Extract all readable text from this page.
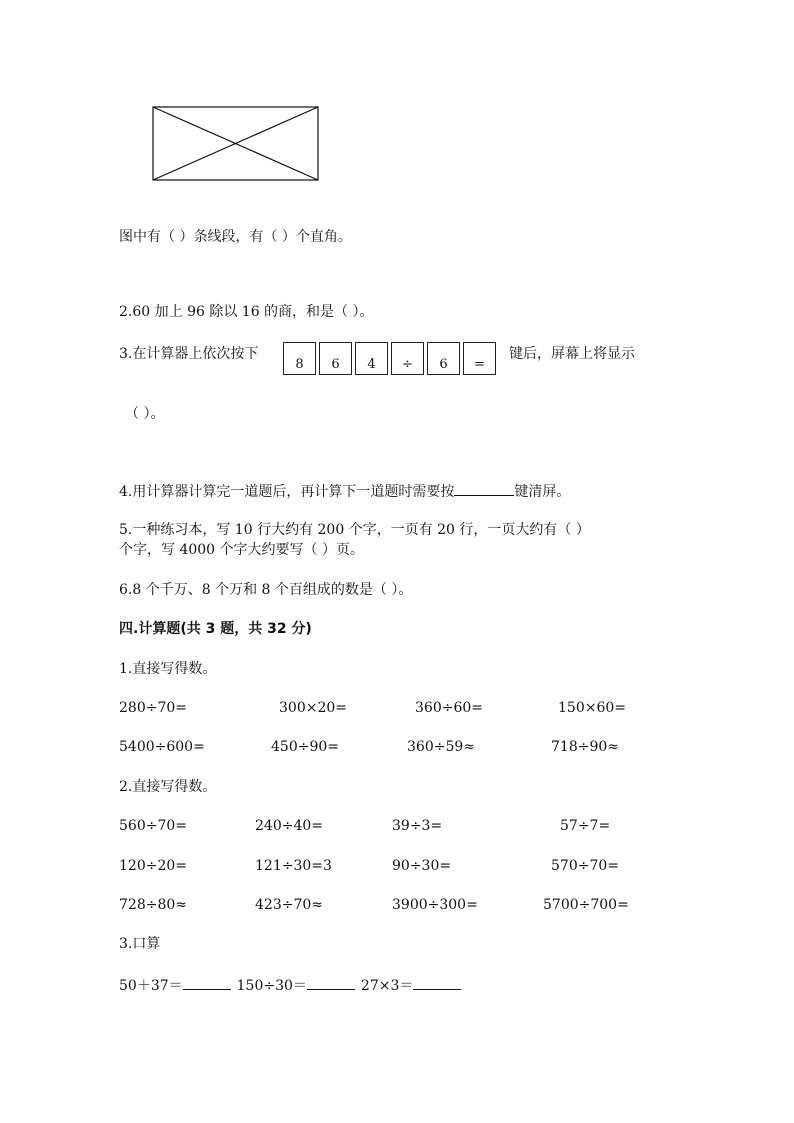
图中有（ ）条线段，有（ ）个直角。
2.60 加上 96 除以 16 的商，和是（ ）。
3.在计算器上依次按下
8	6	4	÷	6	=
键后，屏幕上将显示
（ ）。
4.用计算器计算完一道题后，再计算下一道题时需要按	键清屏。
5.一种练习本，写 10 行大约有 200 个字，一页有 20 行，一页大约有（ ）
个字，写 4000 个字大约要写（ ）页。
6.8 个千万、8 个万和 8 个百组成的数是（ ）。
四.计算题(共 3 题，共 32 分)
1.直接写得数。
280÷70=	300×20=	360÷60=	150×60=
5400÷600=	450÷90=	360÷59≈	718÷90≈
2.直接写得数。
560÷70=	240÷40=	39÷3=	57÷7=
120÷20=	121÷30=3	90÷30=	570÷70=
728÷80≈	423÷70≈	3900÷300=	5700÷700=
3.口算
50＋37＝	150÷30＝	27×3＝
